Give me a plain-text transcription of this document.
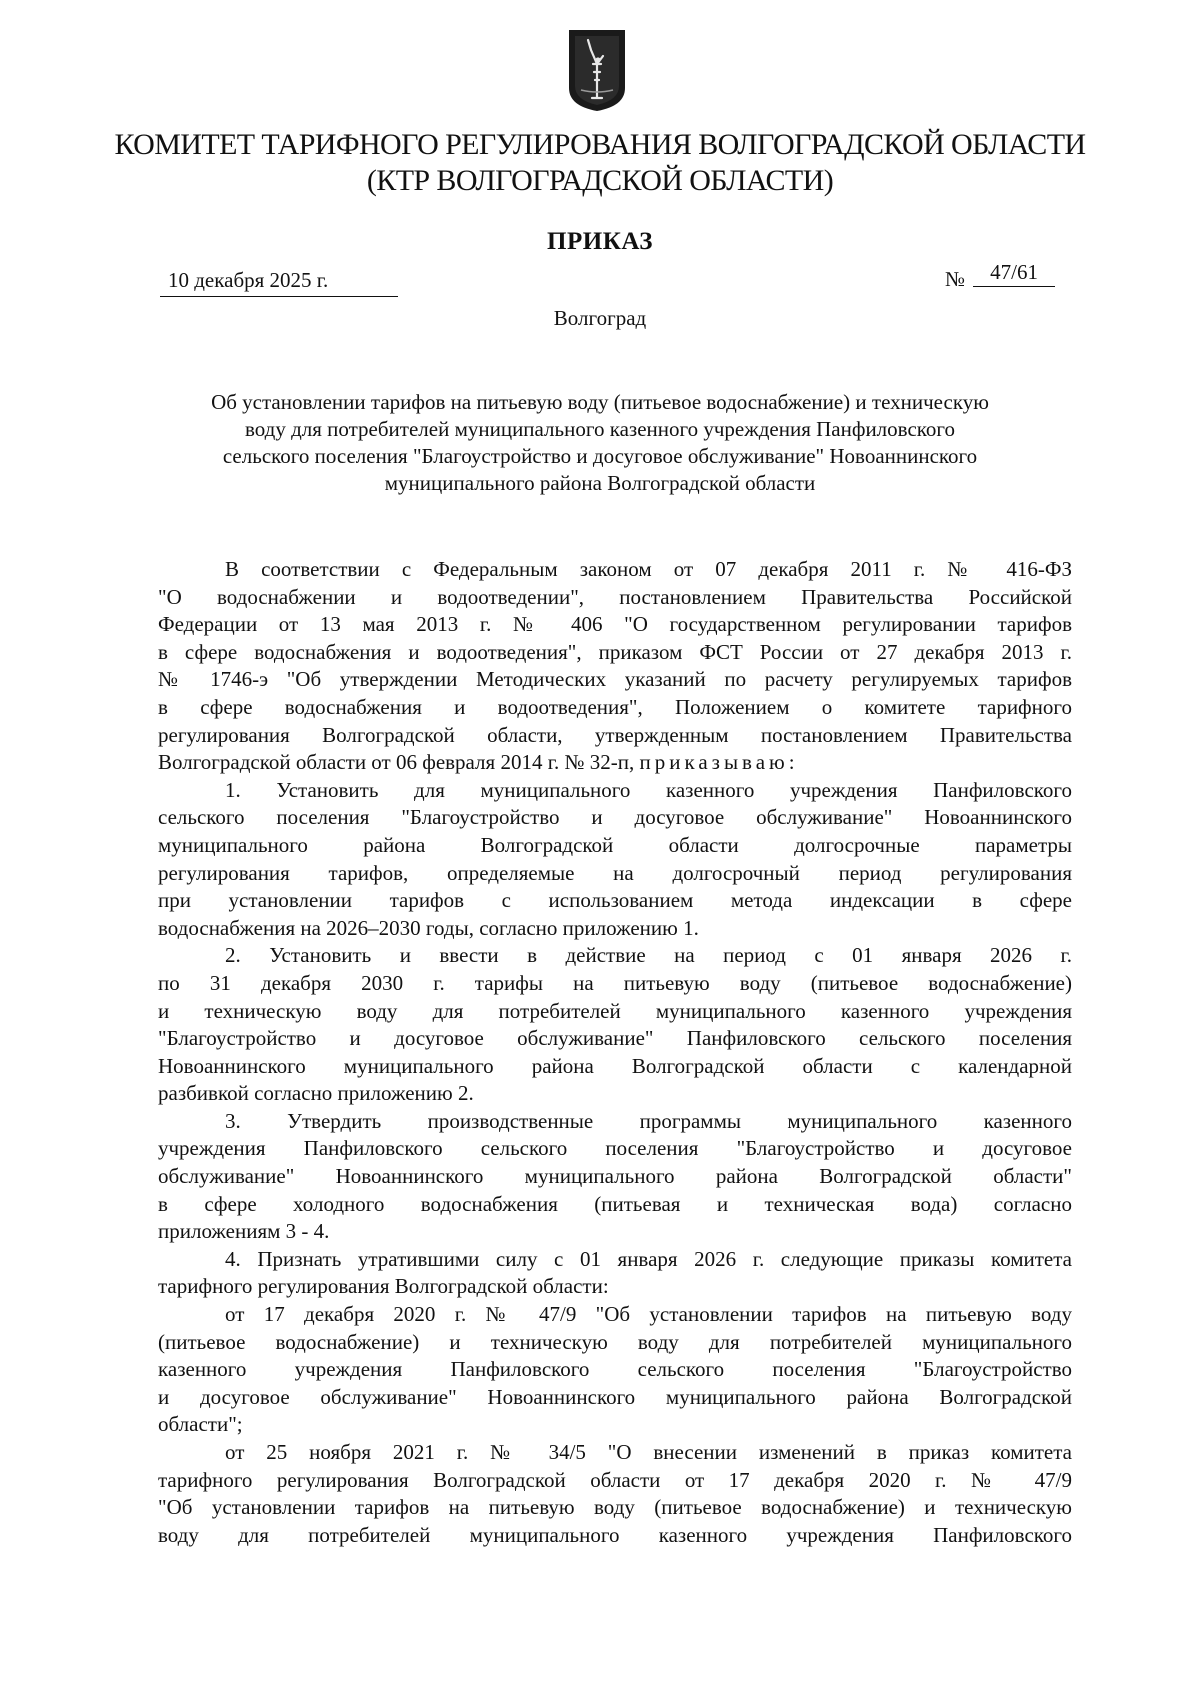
КОМИТЕТ ТАРИФНОГО РЕГУЛИРОВАНИЯ ВОЛГОГРАДСКОЙ ОБЛАСТИ
(КТР ВОЛГОГРАДСКОЙ ОБЛАСТИ)
ПРИКАЗ
10 декабря 2025 г.	№	47/61
Волгоград
Об установлении тарифов на питьевую воду (питьевое водоснабжение) и техническую
воду для потребителей муниципального казенного учреждения Панфиловского
сельского поселения "Благоустройство и досуговое обслуживание" Новоаннинского
муниципального района Волгоградской области
В соответствии с Федеральным законом от 07 декабря 2011 г. № 416-ФЗ
"О водоснабжении и водоотведении", постановлением Правительства Российской
Федерации от 13 мая 2013 г. № 406 "О государственном регулировании тарифов
в сфере водоснабжения и водоотведения", приказом ФСТ России от 27 декабря 2013 г.
№ 1746-э "Об утверждении Методических указаний по расчету регулируемых тарифов
в сфере водоснабжения и водоотведения", Положением о комитете тарифного
регулирования Волгоградской области, утвержденным постановлением Правительства
Волгоградской области от 06 февраля 2014 г. № 32-п, приказываю:
1. Установить для муниципального казенного учреждения Панфиловского
сельского поселения "Благоустройство и досуговое обслуживание" Новоаннинского
муниципального района Волгоградской области долгосрочные параметры
регулирования тарифов, определяемые на долгосрочный период регулирования
при установлении тарифов с использованием метода индексации в сфере
водоснабжения на 2026–2030 годы, согласно приложению 1.
2. Установить и ввести в действие на период с 01 января 2026 г.
по 31 декабря 2030 г. тарифы на питьевую воду (питьевое водоснабжение)
и техническую воду для потребителей муниципального казенного учреждения
"Благоустройство и досуговое обслуживание" Панфиловского сельского поселения
Новоаннинского муниципального района Волгоградской области с календарной
разбивкой согласно приложению 2.
3. Утвердить производственные программы муниципального казенного
учреждения Панфиловского сельского поселения "Благоустройство и досуговое
обслуживание" Новоаннинского муниципального района Волгоградской области"
в сфере холодного водоснабжения (питьевая и техническая вода) согласно
приложениям 3 - 4.
4. Признать утратившими силу с 01 января 2026 г. следующие приказы комитета
тарифного регулирования Волгоградской области:
от 17 декабря 2020 г. № 47/9 "Об установлении тарифов на питьевую воду
(питьевое водоснабжение) и техническую воду для потребителей муниципального
казенного учреждения Панфиловского сельского поселения "Благоустройство
и досуговое обслуживание" Новоаннинского муниципального района Волгоградской
области";
от 25 ноября 2021 г. № 34/5 "О внесении изменений в приказ комитета
тарифного регулирования Волгоградской области от 17 декабря 2020 г. № 47/9
"Об установлении тарифов на питьевую воду (питьевое водоснабжение) и техническую
воду для потребителей муниципального казенного учреждения Панфиловского
